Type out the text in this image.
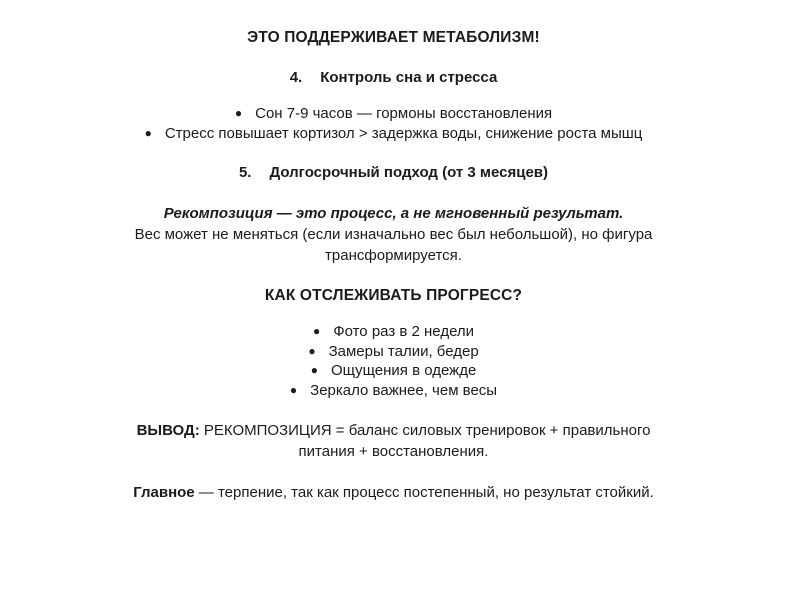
ЭТО ПОДДЕРЖИВАЕТ МЕТАБОЛИЗМ!

4. Контроль сна и стресса

● Сон 7-9 часов — гормоны восстановления
● Стресс повышает кортизол > задержка воды, снижение роста мышц

5. Долгосрочный подход (от 3 месяцев)

Рекомпозиция — это процесс, а не мгновенный результат.

Вес может не меняться (если изначально вес был небольшой), но фигура трансформируется.

КАК ОТСЛЕЖИВАТЬ ПРОГРЕСС?

● Фото раз в 2 недели
● Замеры талии, бедер
● Ощущения в одежде
● Зеркало важнее, чем весы

ВЫВОД: РЕКОМПОЗИЦИЯ = баланс силовых тренировок + правильного питания + восстановления.

Главное — терпение, так как процесс постепенный, но результат стойкий.
